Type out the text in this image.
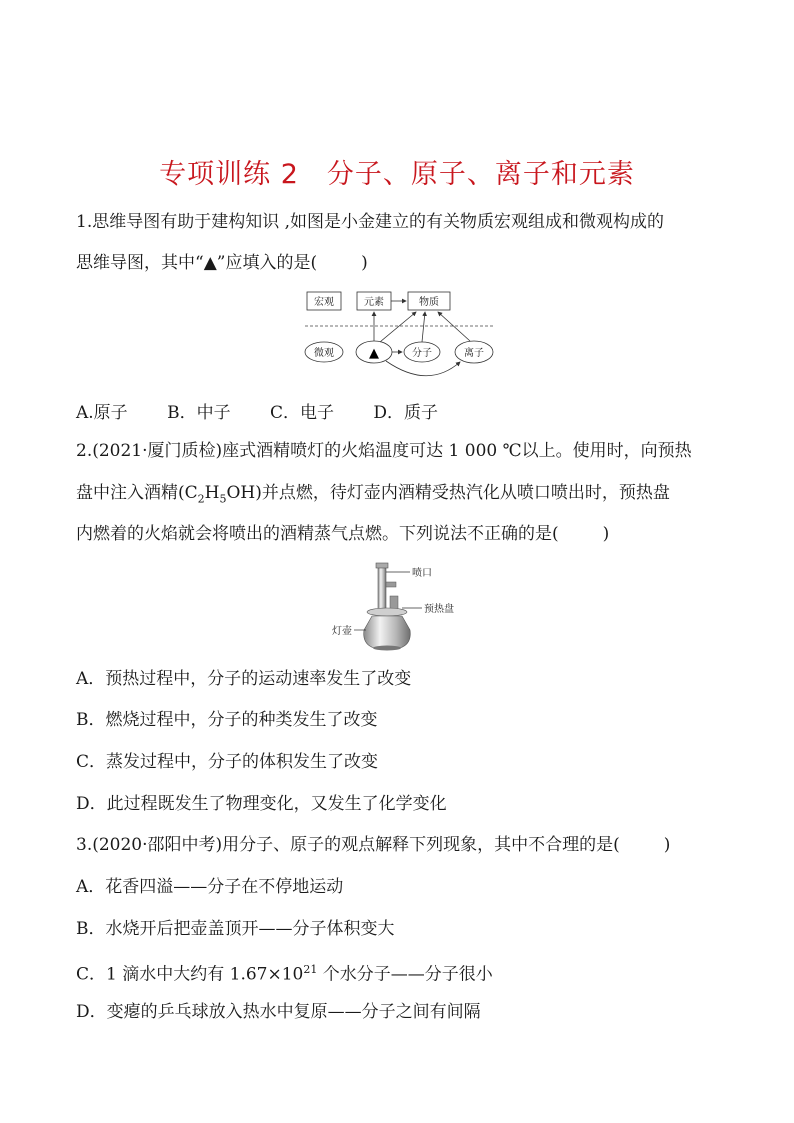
专项训练 2　分子、原子、离子和元素
1.思维导图有助于建构知识 ,如图是小金建立的有关物质宏观组成和微观构成的
思维导图，其中“▲”应填入的是(	)
宏观	元素	物质
微观	▲	分子	离子
A.原子 B．中子 C．电子 D．质子
2.(2021·厦门质检)座式酒精喷灯的火焰温度可达 1 000 ℃以上。使用时，向预热
盘中注入酒精$(C_2H_5OH)$并点燃，待灯壶内酒精受热汽化从喷口喷出时，预热盘
内燃着的火焰就会将喷出的酒精蒸气点燃。下列说法不正确的是(	)
喷口
预热盘
灯壶
A．预热过程中，分子的运动速率发生了改变
B．燃烧过程中，分子的种类发生了改变
C．蒸发过程中，分子的体积发生了改变
D．此过程既发生了物理变化，又发生了化学变化
3.(2020·邵阳中考)用分子、原子的观点解释下列现象，其中不合理的是(	)
A．花香四溢——分子在不停地运动
B．水烧开后把壶盖顶开——分子体积变大
C．1 滴水中大约有 $1.67\times 10^{21}$ 个水分子——分子很小
D．变瘪的乒乓球放入热水中复原——分子之间有间隔
